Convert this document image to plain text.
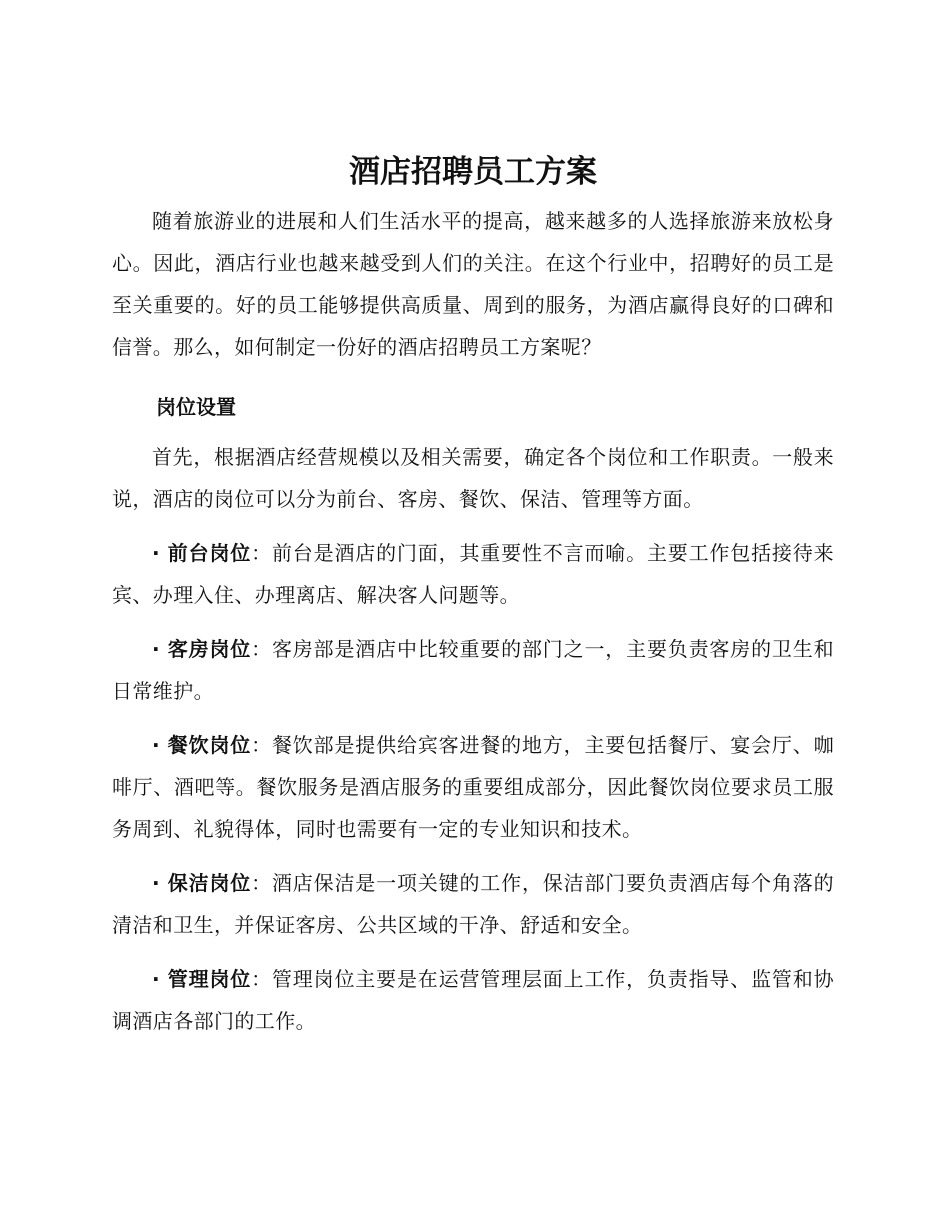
酒店招聘员工方案

随着旅游业的进展和人们生活水平的提高，越来越多的人选择旅游来放松身心。因此，酒店行业也越来越受到人们的关注。在这个行业中，招聘好的员工是至关重要的。好的员工能够提供高质量、周到的服务，为酒店赢得良好的口碑和信誉。那么，如何制定一份好的酒店招聘员工方案呢？

岗位设置

首先，根据酒店经营规模以及相关需要，确定各个岗位和工作职责。一般来说，酒店的岗位可以分为前台、客房、餐饮、保洁、管理等方面。

· 前台岗位：前台是酒店的门面，其重要性不言而喻。主要工作包括接待来宾、办理入住、办理离店、解决客人问题等。

· 客房岗位：客房部是酒店中比较重要的部门之一，主要负责客房的卫生和日常维护。

· 餐饮岗位：餐饮部是提供给宾客进餐的地方，主要包括餐厅、宴会厅、咖啡厅、酒吧等。餐饮服务是酒店服务的重要组成部分，因此餐饮岗位要求员工服务周到、礼貌得体，同时也需要有一定的专业知识和技术。

· 保洁岗位：酒店保洁是一项关键的工作，保洁部门要负责酒店每个角落的清洁和卫生，并保证客房、公共区域的干净、舒适和安全。

· 管理岗位：管理岗位主要是在运营管理层面上工作，负责指导、监管和协调酒店各部门的工作。
